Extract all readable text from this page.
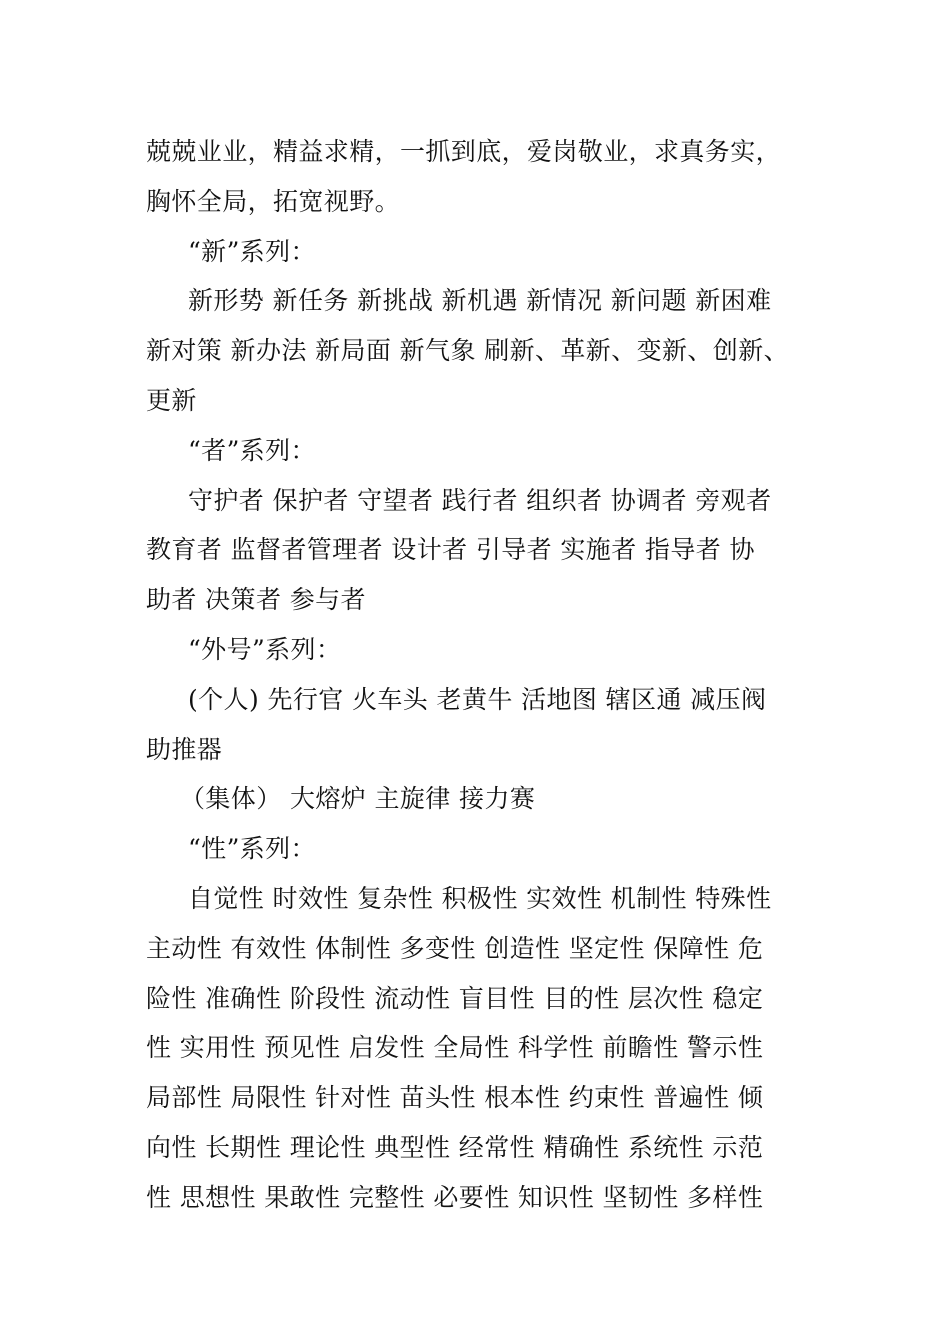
兢兢业业，精益求精，一抓到底，爱岗敬业，求真务实，
胸怀全局，拓宽视野。
“新”系列：
新形势 新任务 新挑战 新机遇 新情况 新问题 新困难
新对策 新办法 新局面 新气象 刷新、革新、变新、创新、
更新
“者”系列：
守护者 保护者 守望者 践行者 组织者 协调者 旁观者
教育者 监督者管理者 设计者 引导者 实施者 指导者 协
助者 决策者 参与者
“外号”系列：
(个人) 先行官 火车头 老黄牛 活地图 辖区通 减压阀
助推器
（集体） 大熔炉 主旋律 接力赛
“性”系列：
自觉性 时效性 复杂性 积极性 实效性 机制性 特殊性
主动性 有效性 体制性 多变性 创造性 坚定性 保障性 危
险性 准确性 阶段性 流动性 盲目性 目的性 层次性 稳定
性 实用性 预见性 启发性 全局性 科学性 前瞻性 警示性
局部性 局限性 针对性 苗头性 根本性 约束性 普遍性 倾
向性 长期性 理论性 典型性 经常性 精确性 系统性 示范
性 思想性 果敢性 完整性 必要性 知识性 坚韧性 多样性
